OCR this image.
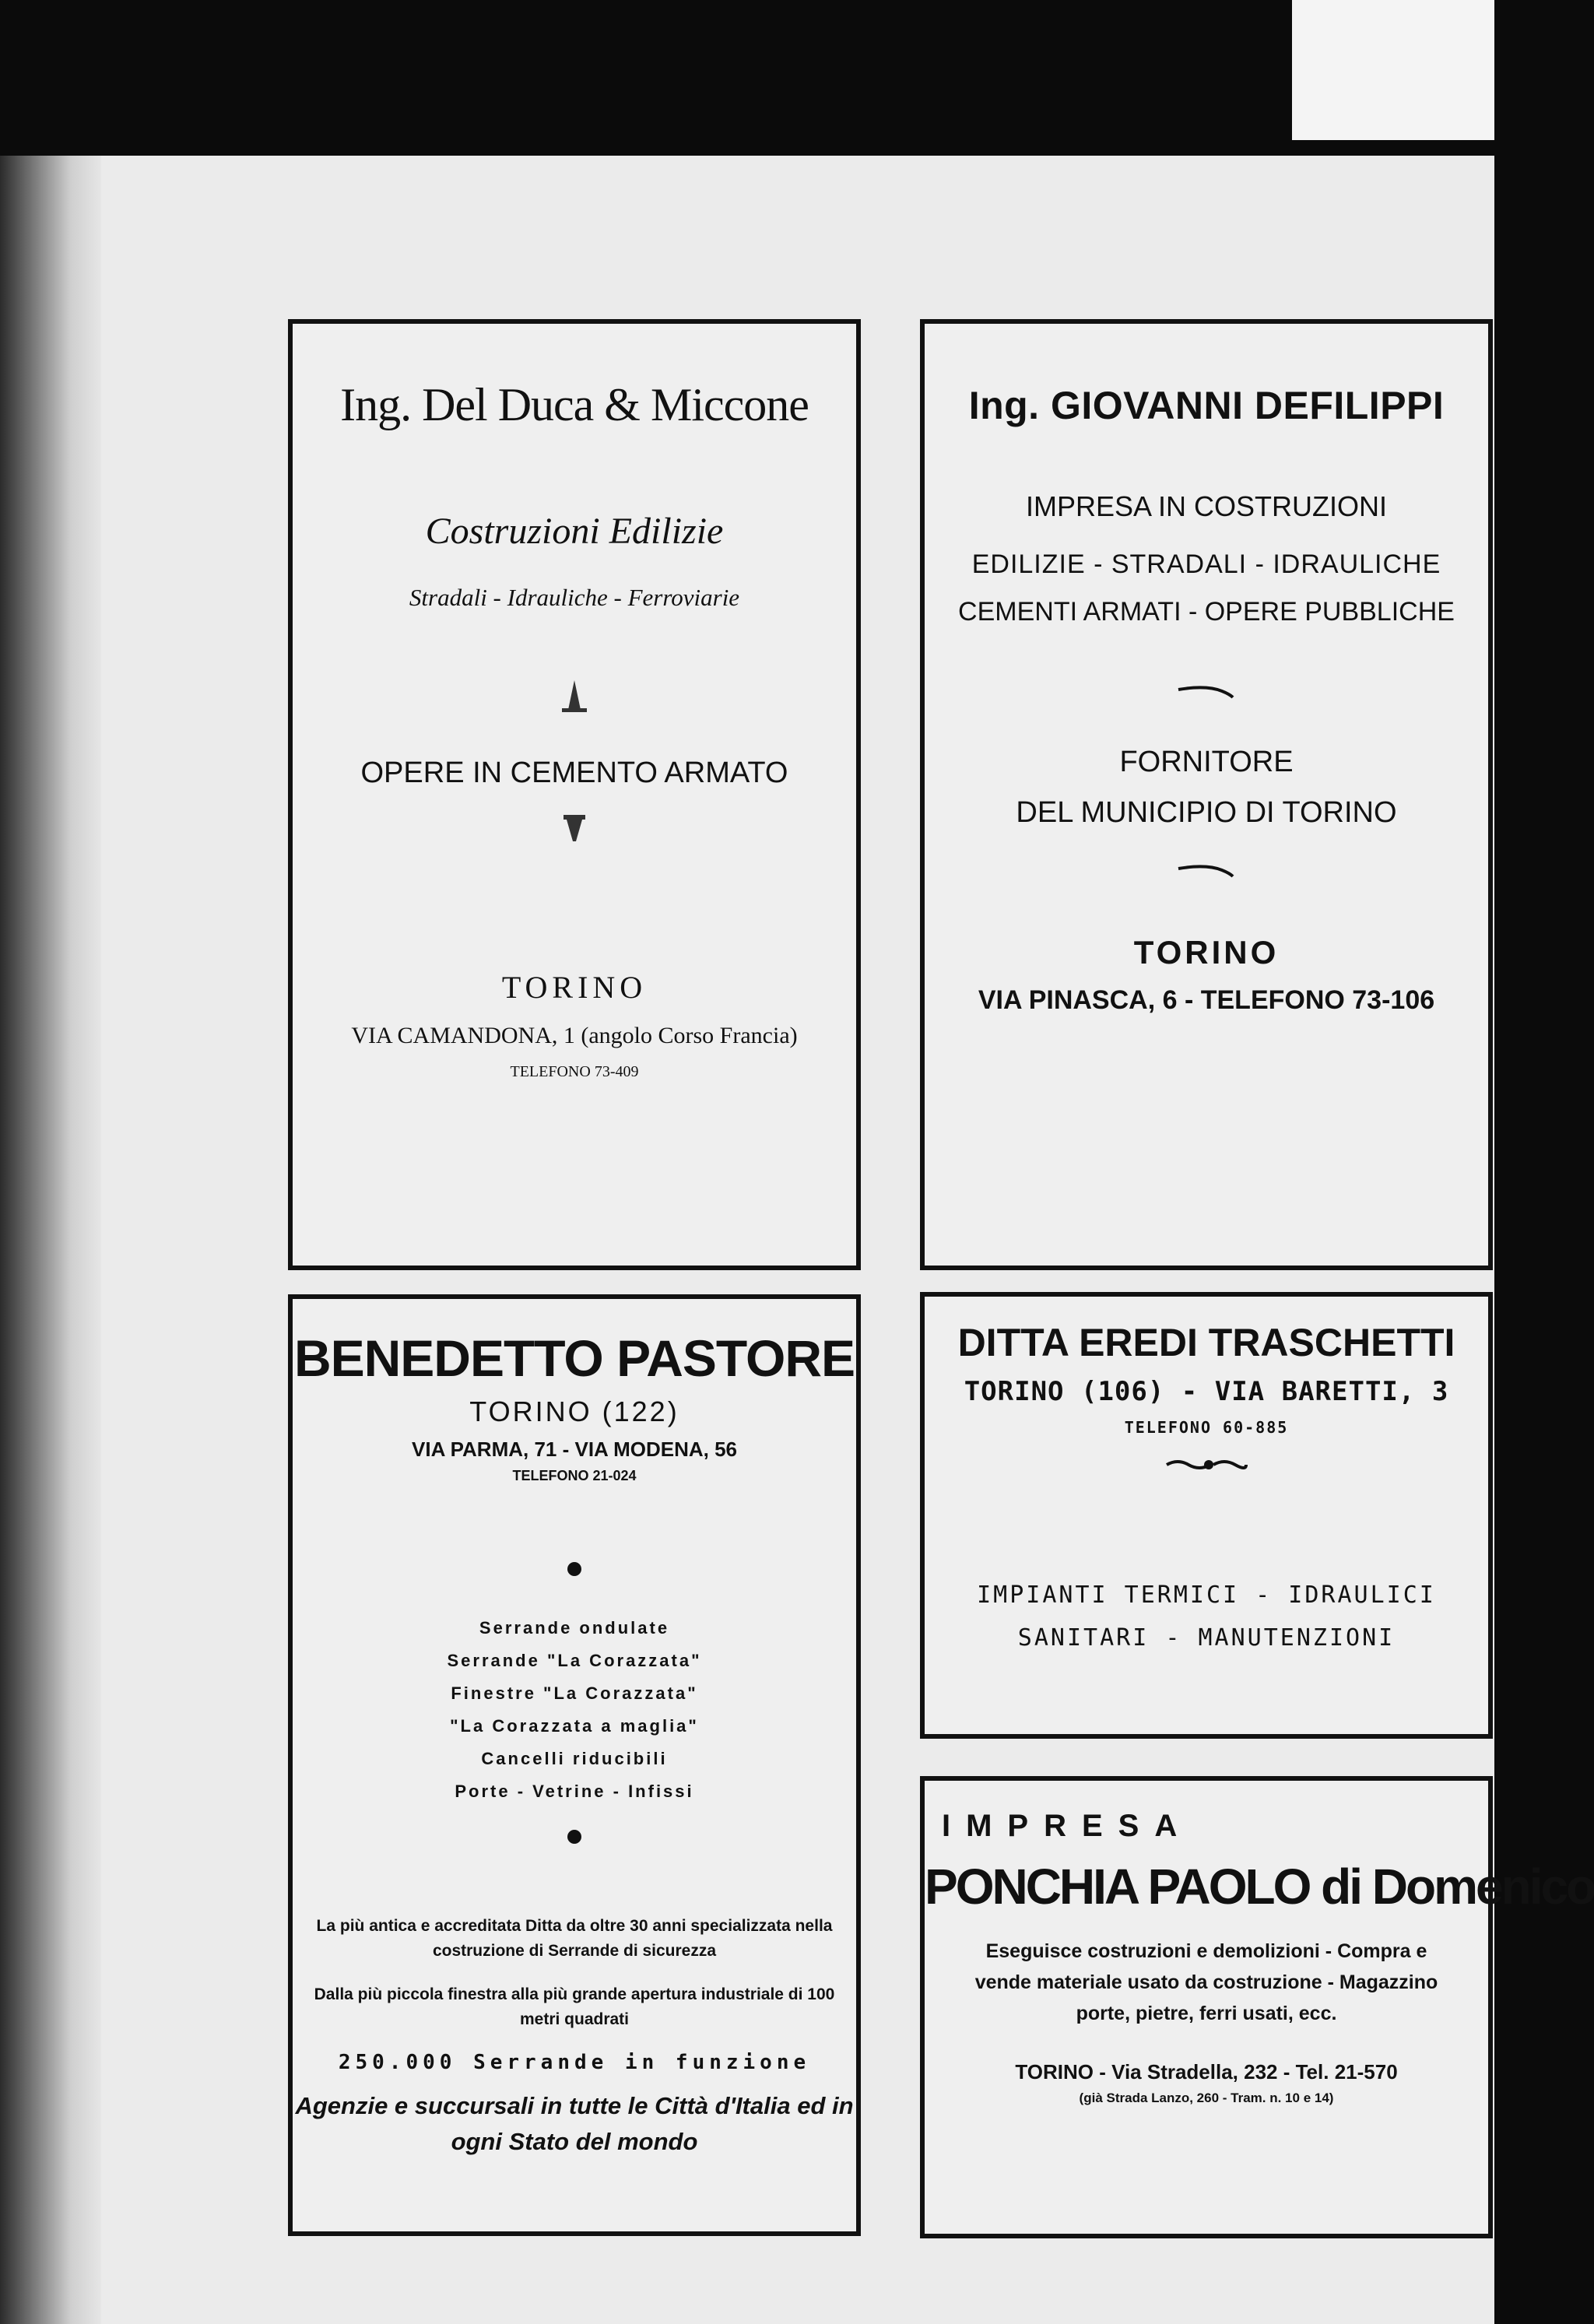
Ing. Del Duca & Miccone

Costruzioni Edilizie

Stradali - Idrauliche - Ferroviarie

OPERE IN CEMENTO ARMATO

TORINO

VIA CAMANDONA, 1 (angolo Corso Francia)

TELEFONO 73-409

Ing. GIOVANNI DEFILIPPI

IMPRESA IN COSTRUZIONI

EDILIZIE - STRADALI - IDRAULICHE

CEMENTI ARMATI - OPERE PUBBLICHE

FORNITORE

DEL MUNICIPIO DI TORINO

TORINO

VIA PINASCA, 6 - TELEFONO 73-106

BENEDETTO PASTORE

TORINO (122)

VIA PARMA, 71 - VIA MODENA, 56

TELEFONO 21-024

Serrande ondulate

Serrande "La Corazzata"

Finestre "La Corazzata"

"La Corazzata a maglia"

Cancelli riducibili

Porte - Vetrine - Infissi

La più antica e accreditata Ditta da oltre 30 anni specializzata nella costruzione di Serrande di sicurezza

Dalla più piccola finestra alla più grande apertura industriale di 100 metri quadrati

250.000 Serrande in funzione

Agenzie e succursali in tutte le Città d'Italia ed in ogni Stato del mondo

DITTA EREDI TRASCHETTI

TORINO (106) - VIA BARETTI, 3

TELEFONO 60-885

IMPIANTI TERMICI - IDRAULICI

SANITARI - MANUTENZIONI

IMPRESA

PONCHIA PAOLO di Domenico

Eseguisce costruzioni e demolizioni - Compra e vende materiale usato da costruzione - Magazzino porte, pietre, ferri usati, ecc.

TORINO - Via Stradella, 232 - Tel. 21-570

(già Strada Lanzo, 260 - Tram. n. 10 e 14)
